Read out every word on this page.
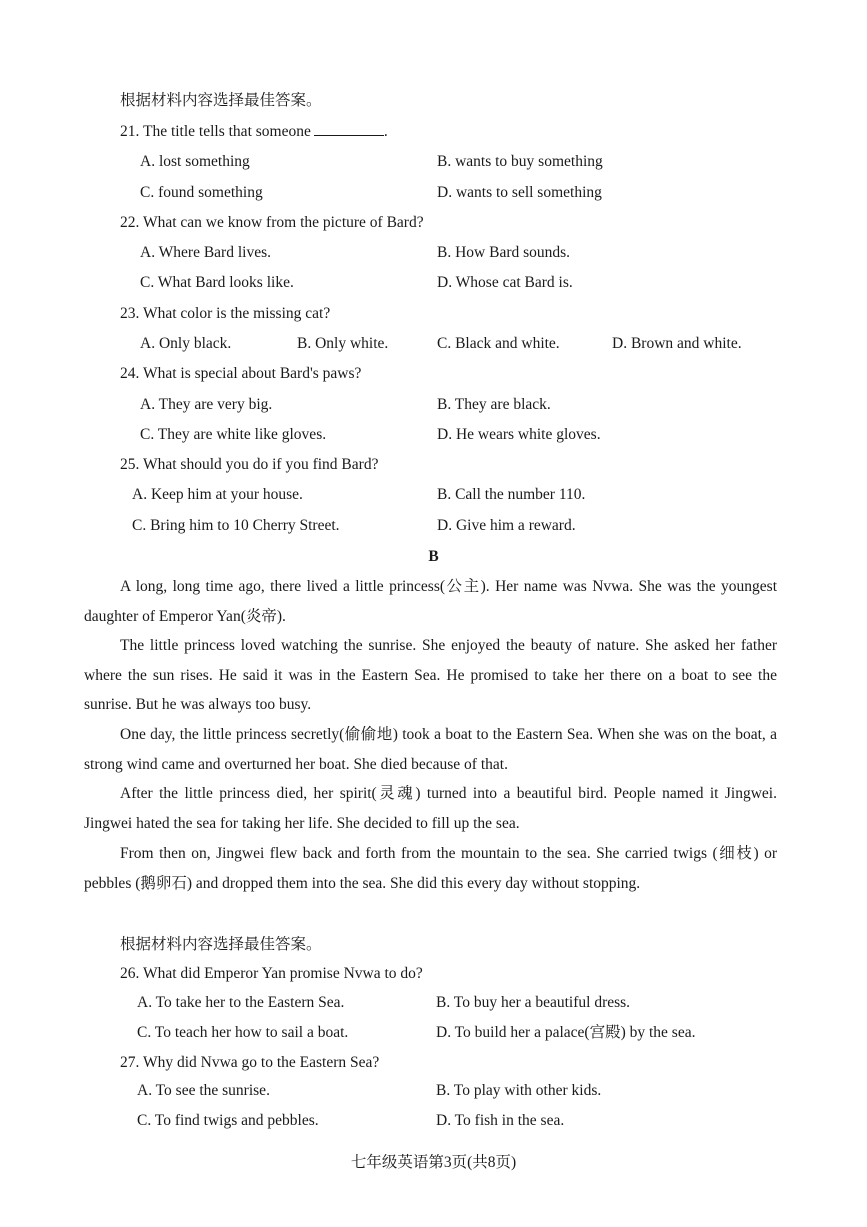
根据材料内容选择最佳答案。
21. The title tells that someone	.
A. lost something	B. wants to buy something
C. found something	D. wants to sell something
22. What can we know from the picture of Bard?
A. Where Bard lives.	B. How Bard sounds.
C. What Bard looks like.	D. Whose cat Bard is.
23. What color is the missing cat?
A. Only black.	B. Only white.	C. Black and white.	D. Brown and white.
24. What is special about Bard's paws?
A. They are very big.	B. They are black.
C. They are white like gloves.	D. He wears white gloves.
25. What should you do if you find Bard?
A. Keep him at your house.	B. Call the number 110.
C. Bring him to 10 Cherry Street.	D. Give him a reward.
B

A long, long time ago, there lived a little princess(公主). Her name was Nvwa. She was the youngest daughter of Emperor Yan(炎帝).

The little princess loved watching the sunrise. She enjoyed the beauty of nature. She asked her father where the sun rises. He said it was in the Eastern Sea. He promised to take her there on a boat to see the sunrise. But he was always too busy.

One day, the little princess secretly(偷偷地) took a boat to the Eastern Sea. When she was on the boat, a strong wind came and overturned her boat. She died because of that.

After the little princess died, her spirit(灵魂) turned into a beautiful bird. People named it Jingwei. Jingwei hated the sea for taking her life. She decided to fill up the sea.

From then on, Jingwei flew back and forth from the mountain to the sea. She carried twigs (细枝) or pebbles (鹅卵石) and dropped them into the sea. She did this every day without stopping.

根据材料内容选择最佳答案。
26. What did Emperor Yan promise Nvwa to do?
A. To take her to the Eastern Sea.	B. To buy her a beautiful dress.
C. To teach her how to sail a boat.	D. To build her a palace(宫殿) by the sea.
27. Why did Nvwa go to the Eastern Sea?
A. To see the sunrise.	B. To play with other kids.
C. To find twigs and pebbles.	D. To fish in the sea.
七年级英语第3页(共8页)
